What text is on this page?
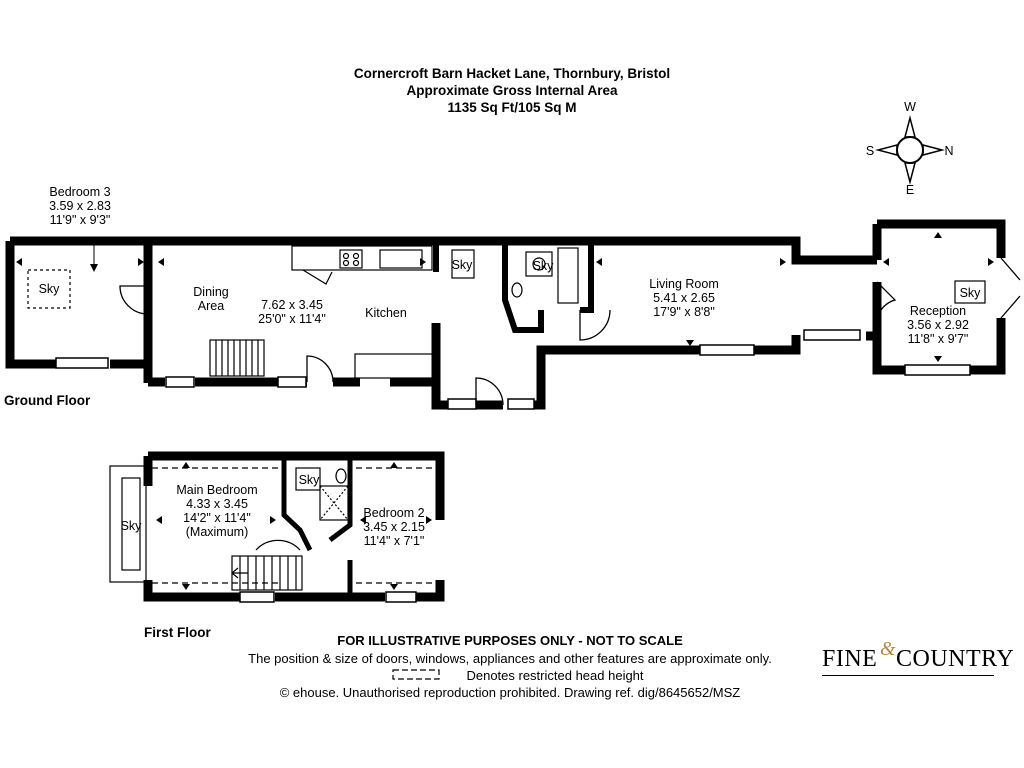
Cornercroft Barn Hacket Lane, Thornbury, Bristol
Approximate Gross Internal Area
1135 Sq Ft/105 Sq M	W
S	N
E
Bedroom 3
3.59 x 2.83
11'9" x 9'3"
Sky	Dining
Area	7.62 x 3.45
25'0" x 11'4"	Kitchen
Sky	Sky
Living Room
5.41 x 2.65
17'9" x 8'8"
Sky
Reception
3.56 x 2.92
11'8" x 9'7"
Ground Floor
Sky
Sky
Main Bedroom
4.33 x 3.45
14'2" x 11'4"
(Maximum)
Bedroom 2
3.45 x 2.15
11'4" x 7'1"
First Floor
FOR ILLUSTRATIVE PURPOSES ONLY - NOT TO SCALE
The position & size of doors, windows, appliances and other features are approximate only.
Denotes restricted head height
© ehouse. Unauthorised reproduction prohibited. Drawing ref. dig/8645652/MSZ
FINE & COUNTRY
